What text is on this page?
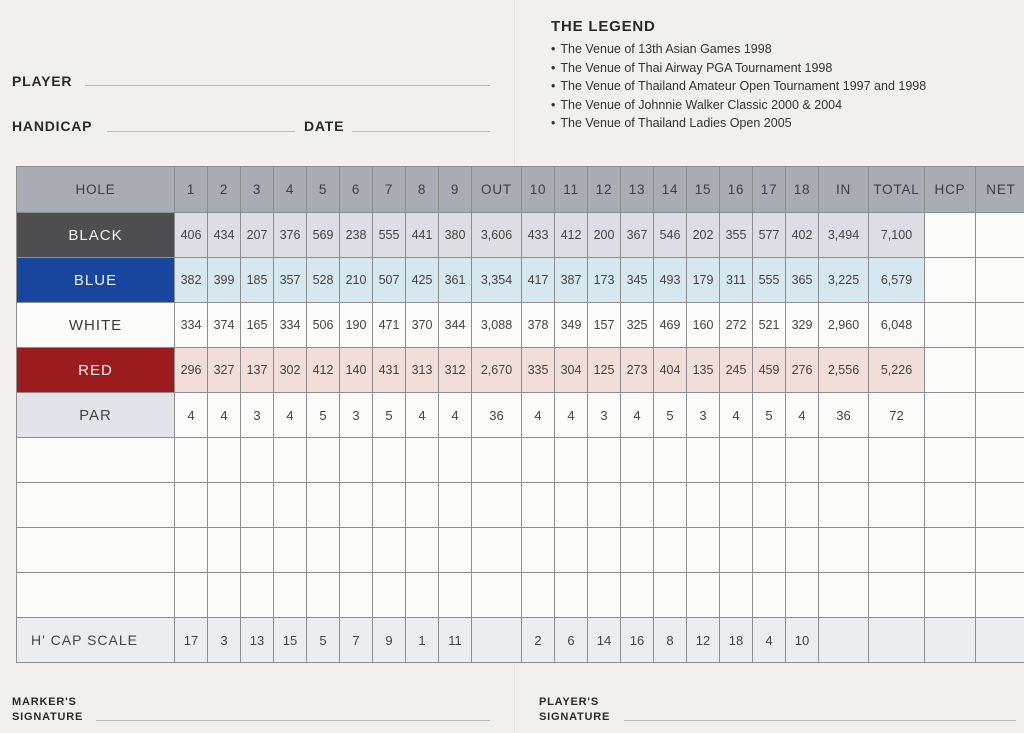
PLAYER
HANDICAP	DATE
THE LEGEND
• The Venue of 13th Asian Games 1998
• The Venue of Thai Airway PGA Tournament 1998
• The Venue of Thailand Amateur Open Tournament 1997 and 1998
• The Venue of Johnnie Walker Classic 2000 & 2004
• The Venue of Thailand Ladies Open 2005
HOLE	1	2	3	4	5	6	7	8	9	OUT	10	11	12	13	14	15	16	17	18	IN	TOTAL	HCP	NET
BLACK	406	434	207	376	569	238	555	441	380	3,606	433	412	200	367	546	202	355	577	402	3,494	7,100		
BLUE	382	399	185	357	528	210	507	425	361	3,354	417	387	173	345	493	179	311	555	365	3,225	6,579		
WHITE	334	374	165	334	506	190	471	370	344	3,088	378	349	157	325	469	160	272	521	329	2,960	6,048		
RED	296	327	137	302	412	140	431	313	312	2,670	335	304	125	273	404	135	245	459	276	2,556	5,226		
PAR	4	4	3	4	5	3	5	4	4	36	4	4	3	4	5	3	4	5	4	36	72		

H' CAP SCALE	17	3	13	15	5	7	9	1	11		2	6	14	16	8	12	18	4	10				
MARKER'S
SIGNATURE
PLAYER'S
SIGNATURE
